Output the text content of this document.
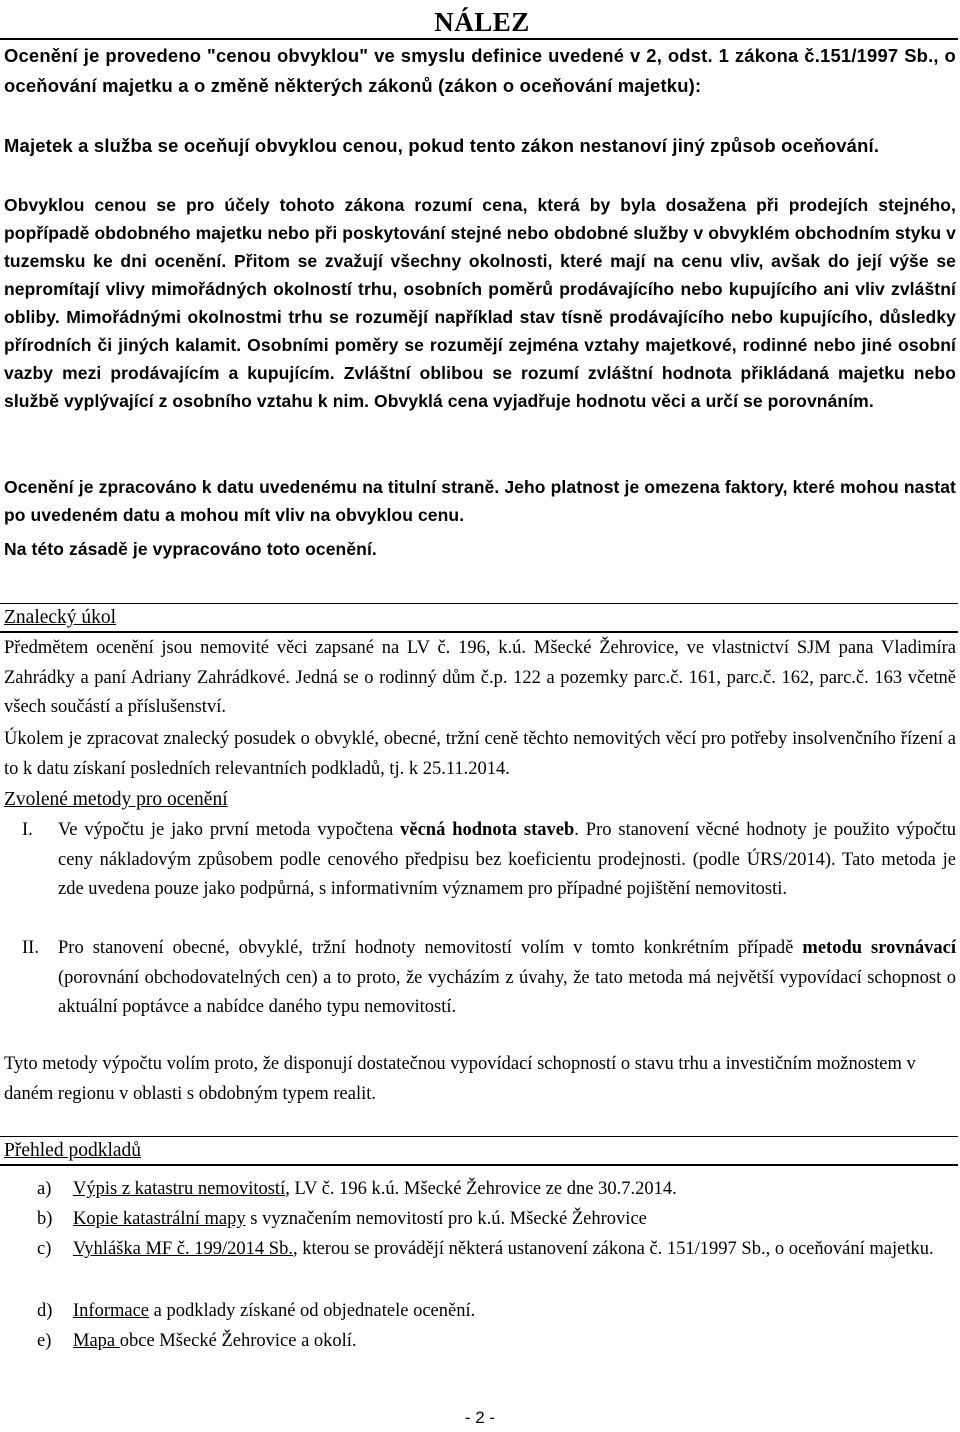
NÁLEZ

Ocenění je provedeno "cenou obvyklou" ve smyslu definice uvedené v 2, odst. 1 zákona č.151/1997 Sb., o oceňování majetku a o změně některých zákonů (zákon o oceňování majetku):

Majetek a služba se oceňují obvyklou cenou, pokud tento zákon nestanoví jiný způsob oceňování.

Obvyklou cenou se pro účely tohoto zákona rozumí cena, která by byla dosažena při prodejích stejného, popřípadě obdobného majetku nebo při poskytování stejné nebo obdobné služby v obvyklém obchodním styku v tuzemsku ke dni ocenění. Přitom se zvažují všechny okolnosti, které mají na cenu vliv, avšak do její výše se nepromítají vlivy mimořádných okolností trhu, osobních poměrů prodávajícího nebo kupujícího ani vliv zvláštní obliby. Mimořádnými okolnostmi trhu se rozumějí například stav tísně prodávajícího nebo kupujícího, důsledky přírodních či jiných kalamit. Osobními poměry se rozumějí zejména vztahy majetkové, rodinné nebo jiné osobní vazby mezi prodávajícím a kupujícím. Zvláštní oblibou se rozumí zvláštní hodnota přikládaná majetku nebo službě vyplývající z osobního vztahu k nim. Obvyklá cena vyjadřuje hodnotu věci a určí se porovnáním.

Ocenění je zpracováno k datu uvedenému na titulní straně. Jeho platnost je omezena faktory, které mohou nastat po uvedeném datu a mohou mít vliv na obvyklou cenu.

Na této zásadě je vypracováno toto ocenění.

Znalecký úkol

Předmětem ocenění jsou nemovité věci zapsané na LV č. 196, k.ú. Mšecké Žehrovice, ve vlastnictví SJM pana Vladimíra Zahrádky a paní Adriany Zahrádkové. Jedná se o rodinný dům č.p. 122 a pozemky parc.č. 161, parc.č. 162, parc.č. 163 včetně všech součástí a příslušenství.

Úkolem je zpracovat znalecký posudek o obvyklé, obecné, tržní ceně těchto nemovitých věcí pro potřeby insolvenčního řízení a to k datu získaní posledních relevantních podkladů, tj. k 25.11.2014.

Zvolené metody pro ocenění
I. Ve výpočtu je jako první metoda vypočtena věcná hodnota staveb. Pro stanovení věcné hodnoty je použito výpočtu ceny nákladovým způsobem podle cenového předpisu bez koeficientu prodejnosti. (podle ÚRS/2014). Tato metoda je zde uvedena pouze jako podpůrná, s informativním významem pro případné pojištění nemovitosti.

II. Pro stanovení obecné, obvyklé, tržní hodnoty nemovitostí volím v tomto konkrétním případě metodu srovnávací (porovnání obchodovatelných cen) a to proto, že vycházím z úvahy, že tato metoda má největší vypovídací schopnost o aktuální poptávce a nabídce daného typu nemovitostí.

Tyto metody výpočtu volím proto, že disponují dostatečnou vypovídací schopností o stavu trhu a investičním možnostem v daném regionu v oblasti s obdobným typem realit.

Přehled podkladů
a) Výpis z katastru nemovitostí, LV č. 196 k.ú. Mšecké Žehrovice ze dne 30.7.2014.
b) Kopie katastrální mapy s vyznačením nemovitostí pro k.ú. Mšecké Žehrovice
c) Vyhláška MF č. 199/2014 Sb., kterou se provádějí některá ustanovení zákona č. 151/1997 Sb., o oceňování majetku.
d) Informace a podklady získané od objednatele ocenění.
e) Mapa obce Mšecké Žehrovice a okolí.
- 2 -
